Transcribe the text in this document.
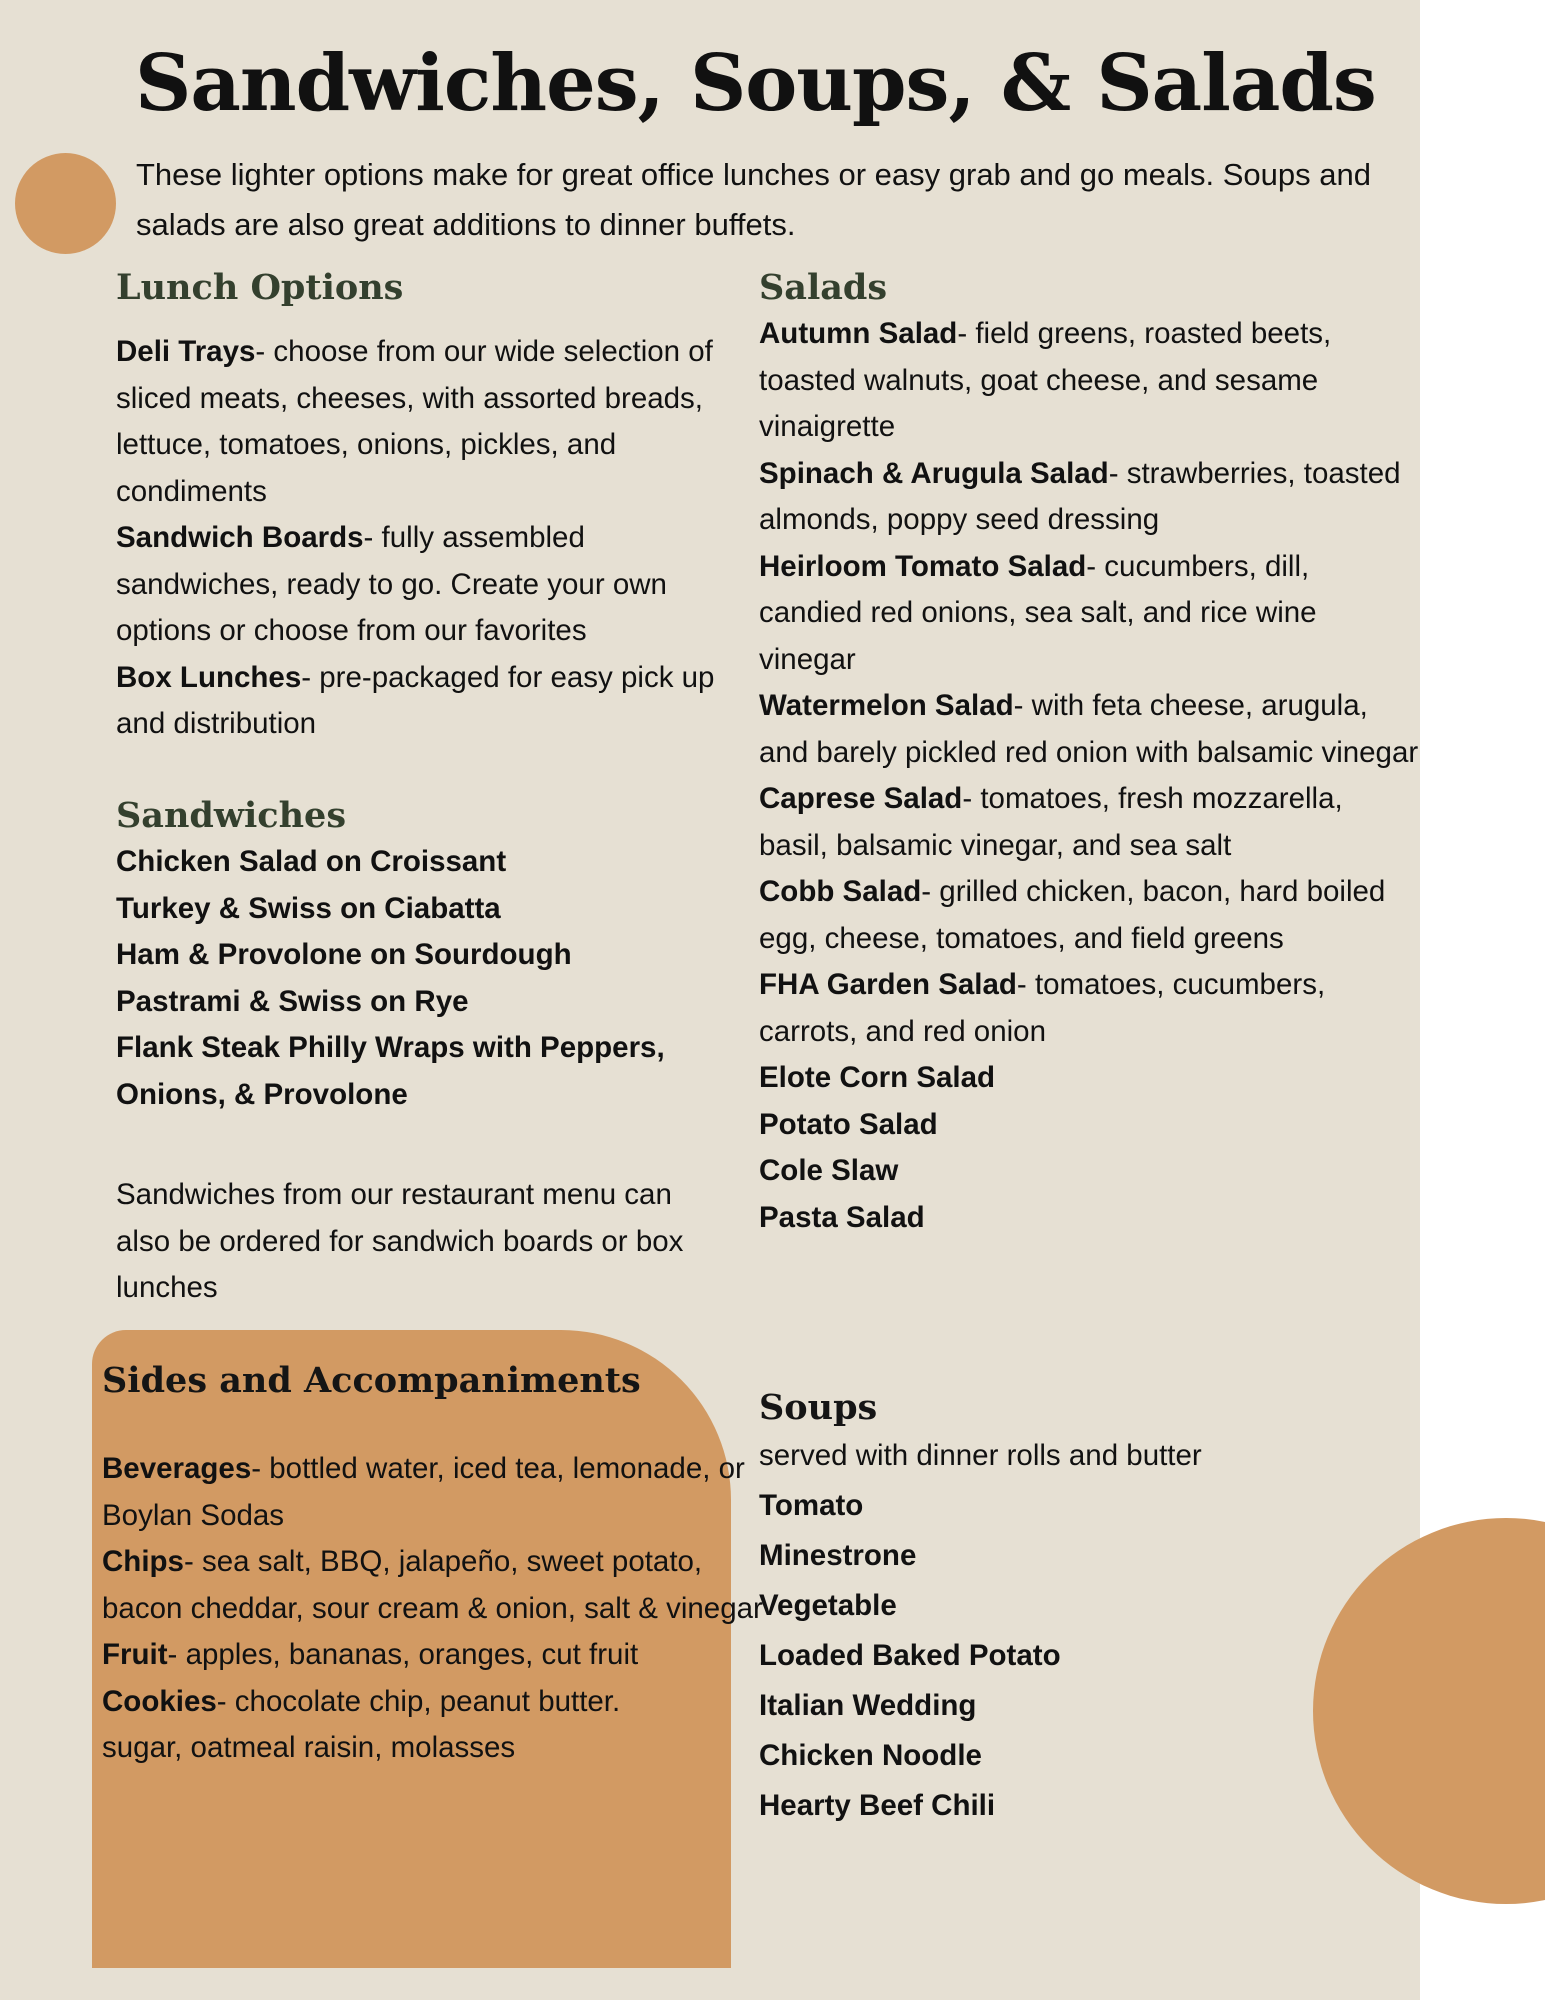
Sandwiches, Soups, & Salads

These lighter options make for great office lunches or easy grab and go meals. Soups and salads are also great additions to dinner buffets.

Lunch Options

Deli Trays- choose from our wide selection of sliced meats, cheeses, with assorted breads, lettuce, tomatoes, onions, pickles, and condiments

Sandwich Boards- fully assembled sandwiches, ready to go. Create your own options or choose from our favorites

Box Lunches- pre-packaged for easy pick up and distribution

Sandwiches

Chicken Salad on Croissant

Turkey & Swiss on Ciabatta

Ham & Provolone on Sourdough

Pastrami & Swiss on Rye

Flank Steak Philly Wraps with Peppers, Onions, & Provolone

Sandwiches from our restaurant menu can also be ordered for sandwich boards or box lunches

Salads

Autumn Salad- field greens, roasted beets, toasted walnuts, goat cheese, and sesame vinaigrette

Spinach & Arugula Salad- strawberries, toasted almonds, poppy seed dressing

Heirloom Tomato Salad- cucumbers, dill, candied red onions, sea salt, and rice wine vinegar

Watermelon Salad- with feta cheese, arugula, and barely pickled red onion with balsamic vinegar

Caprese Salad- tomatoes, fresh mozzarella, basil, balsamic vinegar, and sea salt

Cobb Salad- grilled chicken, bacon, hard boiled egg, cheese, tomatoes, and field greens

FHA Garden Salad- tomatoes, cucumbers, carrots, and red onion

Elote Corn Salad

Potato Salad

Cole Slaw

Pasta Salad

Soups

served with dinner rolls and butter

Tomato

Minestrone

Vegetable

Loaded Baked Potato

Italian Wedding

Chicken Noodle

Hearty Beef Chili

Sides and Accompaniments

Beverages- bottled water, iced tea, lemonade, or Boylan Sodas

Chips- sea salt, BBQ, jalapeño, sweet potato, bacon cheddar, sour cream & onion, salt & vinegar

Fruit- apples, bananas, oranges, cut fruit

Cookies- chocolate chip, peanut butter. sugar, oatmeal raisin, molasses
